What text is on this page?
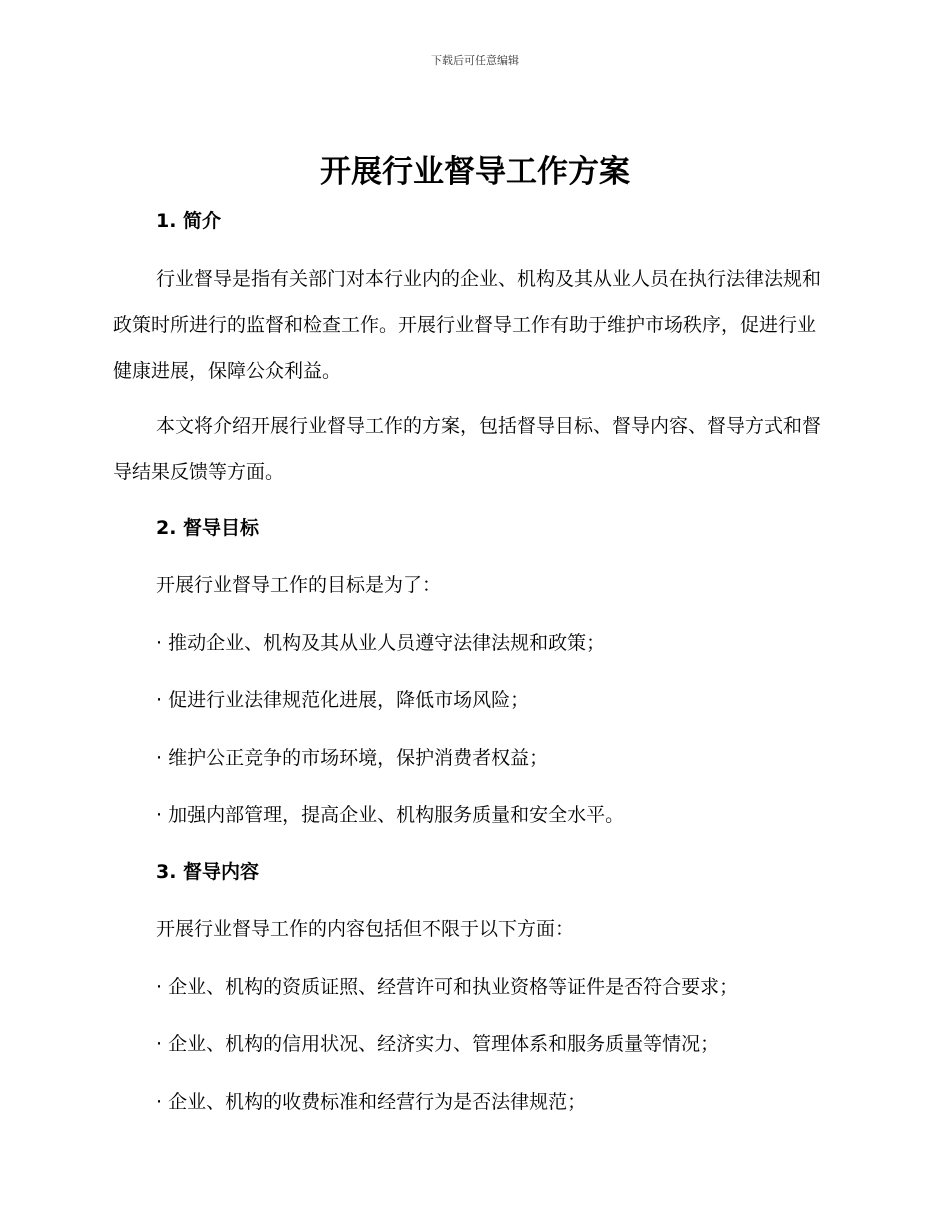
下载后可任意编辑
开展行业督导工作方案
1. 简介

行业督导是指有关部门对本行业内的企业、机构及其从业人员在执行法律法规和政策时所进行的监督和检查工作。开展行业督导工作有助于维护市场秩序，促进行业健康进展，保障公众利益。

本文将介绍开展行业督导工作的方案，包括督导目标、督导内容、督导方式和督导结果反馈等方面。

2. 督导目标

开展行业督导工作的目标是为了：

· 推动企业、机构及其从业人员遵守法律法规和政策；

· 促进行业法律规范化进展，降低市场风险；

· 维护公正竞争的市场环境，保护消费者权益；

· 加强内部管理，提高企业、机构服务质量和安全水平。

3. 督导内容

开展行业督导工作的内容包括但不限于以下方面：

· 企业、机构的资质证照、经营许可和执业资格等证件是否符合要求；

· 企业、机构的信用状况、经济实力、管理体系和服务质量等情况；

· 企业、机构的收费标准和经营行为是否法律规范；
